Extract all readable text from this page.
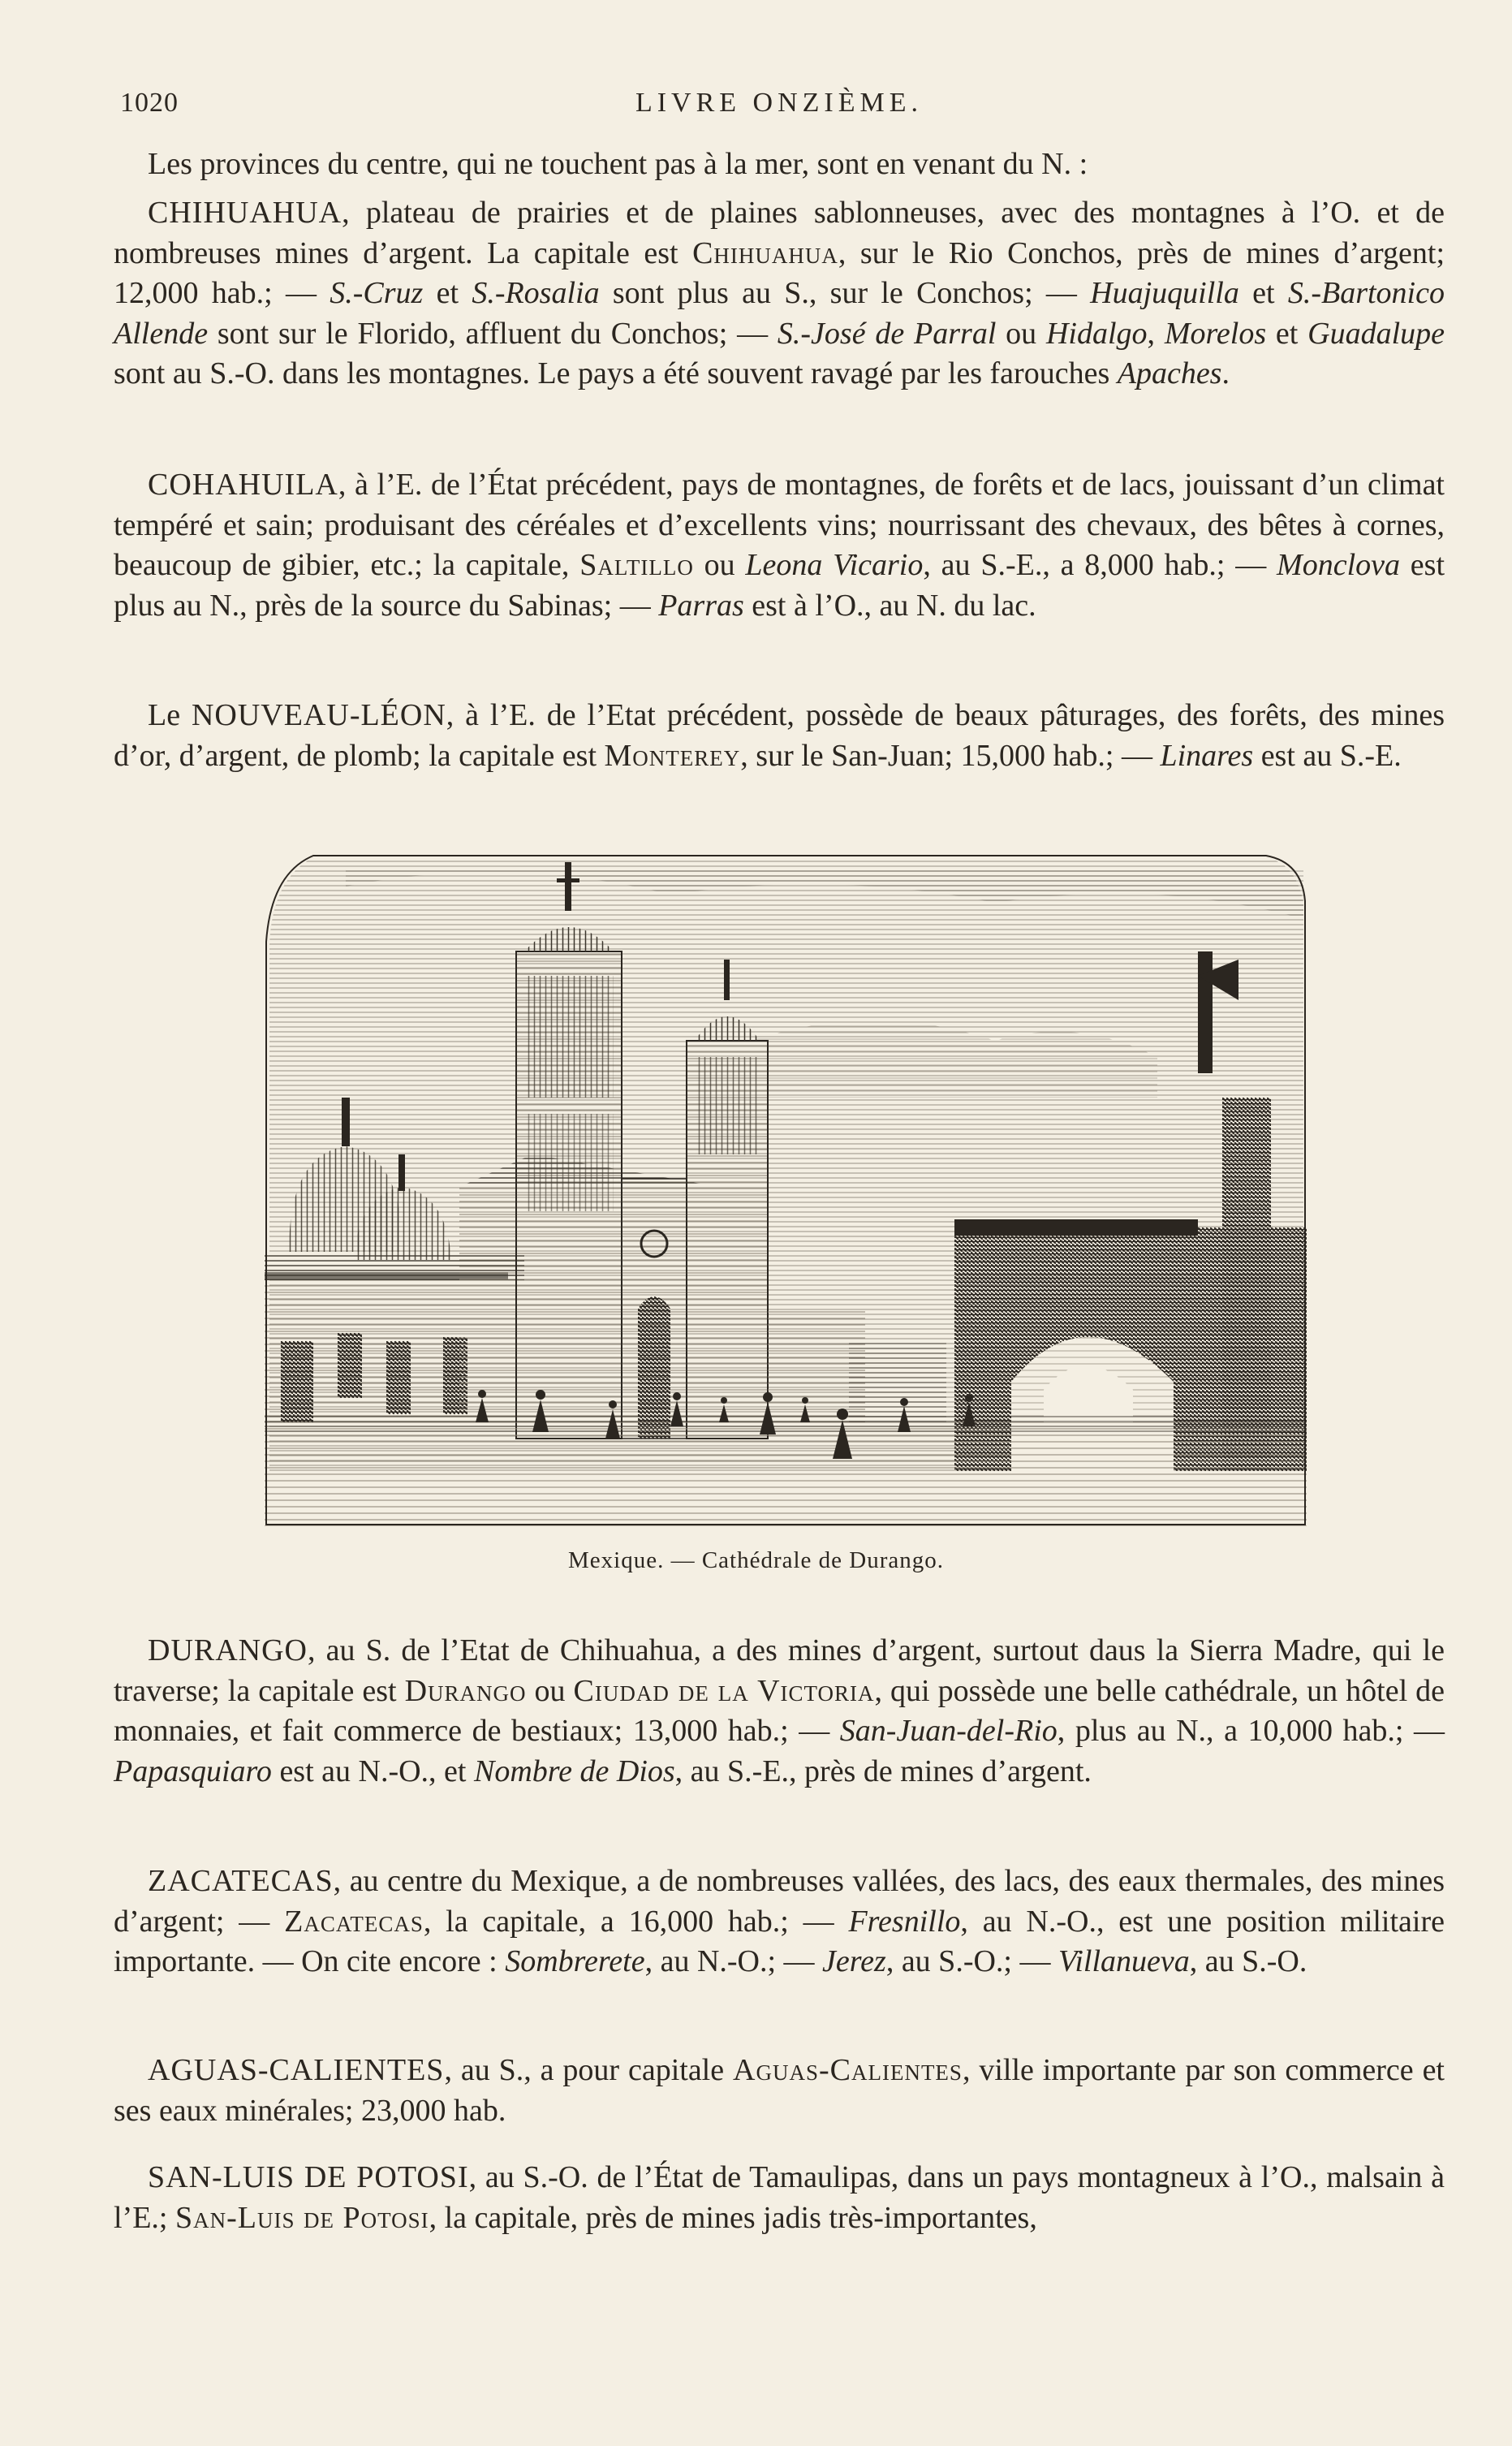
1020	LIVRE ONZIÈME.

Les provinces du centre, qui ne touchent pas à la mer, sont en venant du N. :

CHIHUAHUA, plateau de prairies et de plaines sablonneuses, avec des montagnes à l’O. et de nombreuses mines d’argent. La capitale est Chihuahua, sur le Rio Conchos, près de mines d’argent; 12,000 hab.; — S.-Cruz et S.-Rosalia sont plus au S., sur le Conchos; — Huajuquilla et S.-Bartonico Allende sont sur le Florido, affluent du Conchos; — S.-José de Parral ou Hidalgo, Morelos et Guadalupe sont au S.-O. dans les montagnes. Le pays a été souvent ravagé par les farouches Apaches.

COHAHUILA, à l’E. de l’État précédent, pays de montagnes, de forêts et de lacs, jouissant d’un climat tempéré et sain; produisant des céréales et d’excellents vins; nourrissant des chevaux, des bêtes à cornes, beaucoup de gibier, etc.; la capitale, Saltillo ou Leona Vicario, au S.-E., a 8,000 hab.; — Monclova est plus au N., près de la source du Sabinas; — Parras est à l’O., au N. du lac.

Le NOUVEAU-LÉON, à l’E. de l’Etat précédent, possède de beaux pâturages, des forêts, des mines d’or, d’argent, de plomb; la capitale est Monterey, sur le San-Juan; 15,000 hab.; — Linares est au S.-E.

Mexique. — Cathédrale de Durango.

DURANGO, au S. de l’Etat de Chihuahua, a des mines d’argent, surtout daus la Sierra Madre, qui le traverse; la capitale est Durango ou Ciudad de la Victoria, qui possède une belle cathédrale, un hôtel de monnaies, et fait commerce de bestiaux; 13,000 hab.; — San-Juan-del-Rio, plus au N., a 10,000 hab.; — Papasquiaro est au N.-O., et Nombre de Dios, au S.-E., près de mines d’argent.

ZACATECAS, au centre du Mexique, a de nombreuses vallées, des lacs, des eaux thermales, des mines d’argent; — Zacatecas, la capitale, a 16,000 hab.; — Fresnillo, au N.-O., est une position militaire importante. — On cite encore : Sombrerete, au N.-O.; — Jerez, au S.-O.; — Villanueva, au S.-O.

AGUAS-CALIENTES, au S., a pour capitale Aguas-Calientes, ville importante par son commerce et ses eaux minérales; 23,000 hab.

SAN-LUIS DE POTOSI, au S.-O. de l’État de Tamaulipas, dans un pays montagneux à l’O., malsain à l’E.; San-Luis de Potosi, la capitale, près de mines jadis très-importantes,
